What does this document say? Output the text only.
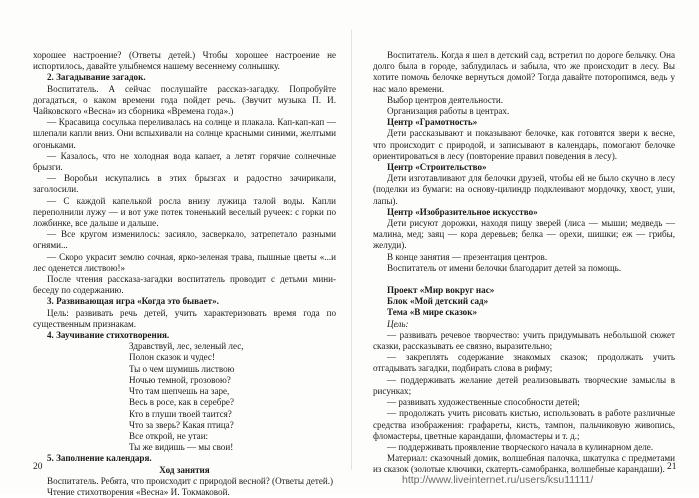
хорошее настроение? (Ответы детей.) Чтобы хорошее настроение не испортилось, давайте улыбнемся нашему весеннему солнышку.

2. Загадывание загадок.

Воспитатель. А сейчас послушайте рассказ-загадку. Попробуйте догадаться, о каком времени года пойдет речь. (Звучит музыка П. И. Чайковского «Весна» из сборника «Времена года».)

— Красавица сосулька переливалась на солнце и плакала. Кап-кап-кап — шлепали капли вниз. Они вспыхивали на солнце красными синими, желтыми огоньками.

— Казалось, что не холодная вода капает, а летят горячие солнечные брызги.

— Воробьи искупались в этих брызгах и радостно зачирикали, заголосили.

— С каждой капелькой росла внизу лужица талой воды. Капли переполнили лужу — и вот уже потек тоненький веселый ручеек: с горки по ложбинке, все дальше и дальше.

— Все кругом изменилось: засияло, засверкало, затрепетало разными огнями...

— Скоро украсит землю сочная, ярко-зеленая трава, пышные цветы «...и лес оденется листвою!»

После чтения рассказа-загадки воспитатель проводит с детьми мини-беседу по содержанию.

3. Развивающая игра «Когда это бывает».

Цель: развивать речь детей, учить характеризовать время года по существенным признакам.

4. Заучивание стихотворения.

Здравствуй, лес, зеленый лес,
Полон сказок и чудес!
Ты о чем шумишь листвою
Ночью темной, грозовою?
Что там шепчешь на заре,
Весь в росе, как в серебре?
Кто в глуши твоей таится?
Что за зверь? Какая птица?
Все открой, не утаи:
Ты же видишь — мы свои!

5. Заполнение календаря.

Ход занятия

Воспитатель. Ребята, что происходит с природой весной? (Ответы детей.)

Чтение стихотворения «Весна» И. Токмаковой.

Воспитатель. Когда я шел в детский сад, встретил по дороге бельчку. Она долго была в городе, заблудилась и забыла, что же происходит в лесу. Вы хотите помочь белочке вернуться домой? Тогда давайте поторопимся, ведь у нас мало времени.

Выбор центров деятельности.

Организация работы в центрах.

Центр «Грамотность»

Дети рассказывают и показывают белочке, как готовятся звери к весне, что происходит с природой, и записывают в календарь, помогают белочке ориентироваться в лесу (повторение правил поведения в лесу).

Центр «Строительство»

Дети изготавливают для белочки друзей, чтобы ей не было скучно в лесу (поделки из бумаги: на основу-цилиндр подклеивают мордочку, хвост, уши, лапы).

Центр «Изобразительное искусство»

Дети рисуют дорожки, находя пищу зверей (лиса — мыши; медведь — малина, мед; заяц — кора деревьев; белка — орехи, шишки; еж — грибы, желуди).

В конце занятия — презентация центров.

Воспитатель от имени белочки благодарит детей за помощь.

Проект «Мир вокруг нас»

Блок «Мой детский сад»

Тема «В мире сказок»

Цель:

— развивать речевое творчество: учить придумывать небольшой сюжет сказки, рассказывать ее связно, выразительно;

— закреплять содержание знакомых сказок; продолжать учить отгадывать загадки, подбирать слова в рифму;

— поддерживать желание детей реализовывать творческие замыслы в рисунках;

— развивать художественные способности детей;

— продолжать учить рисовать кистью, использовать в работе различные средства изображения: графареты, кисть, тампон, пальчиковую живопись, фломастеры, цветные карандаши, фломастеры и т. д.;

— поддерживать проявление творческого начала в кулинарном деле.

Материал: сказочный домик, волшебная палочка, шкатулка с предметами из сказок (золотые ключики, скатерть-самобранка, волшебные карандаши).

20	21
http://www.liveinternet.ru/users/ksu11111/
